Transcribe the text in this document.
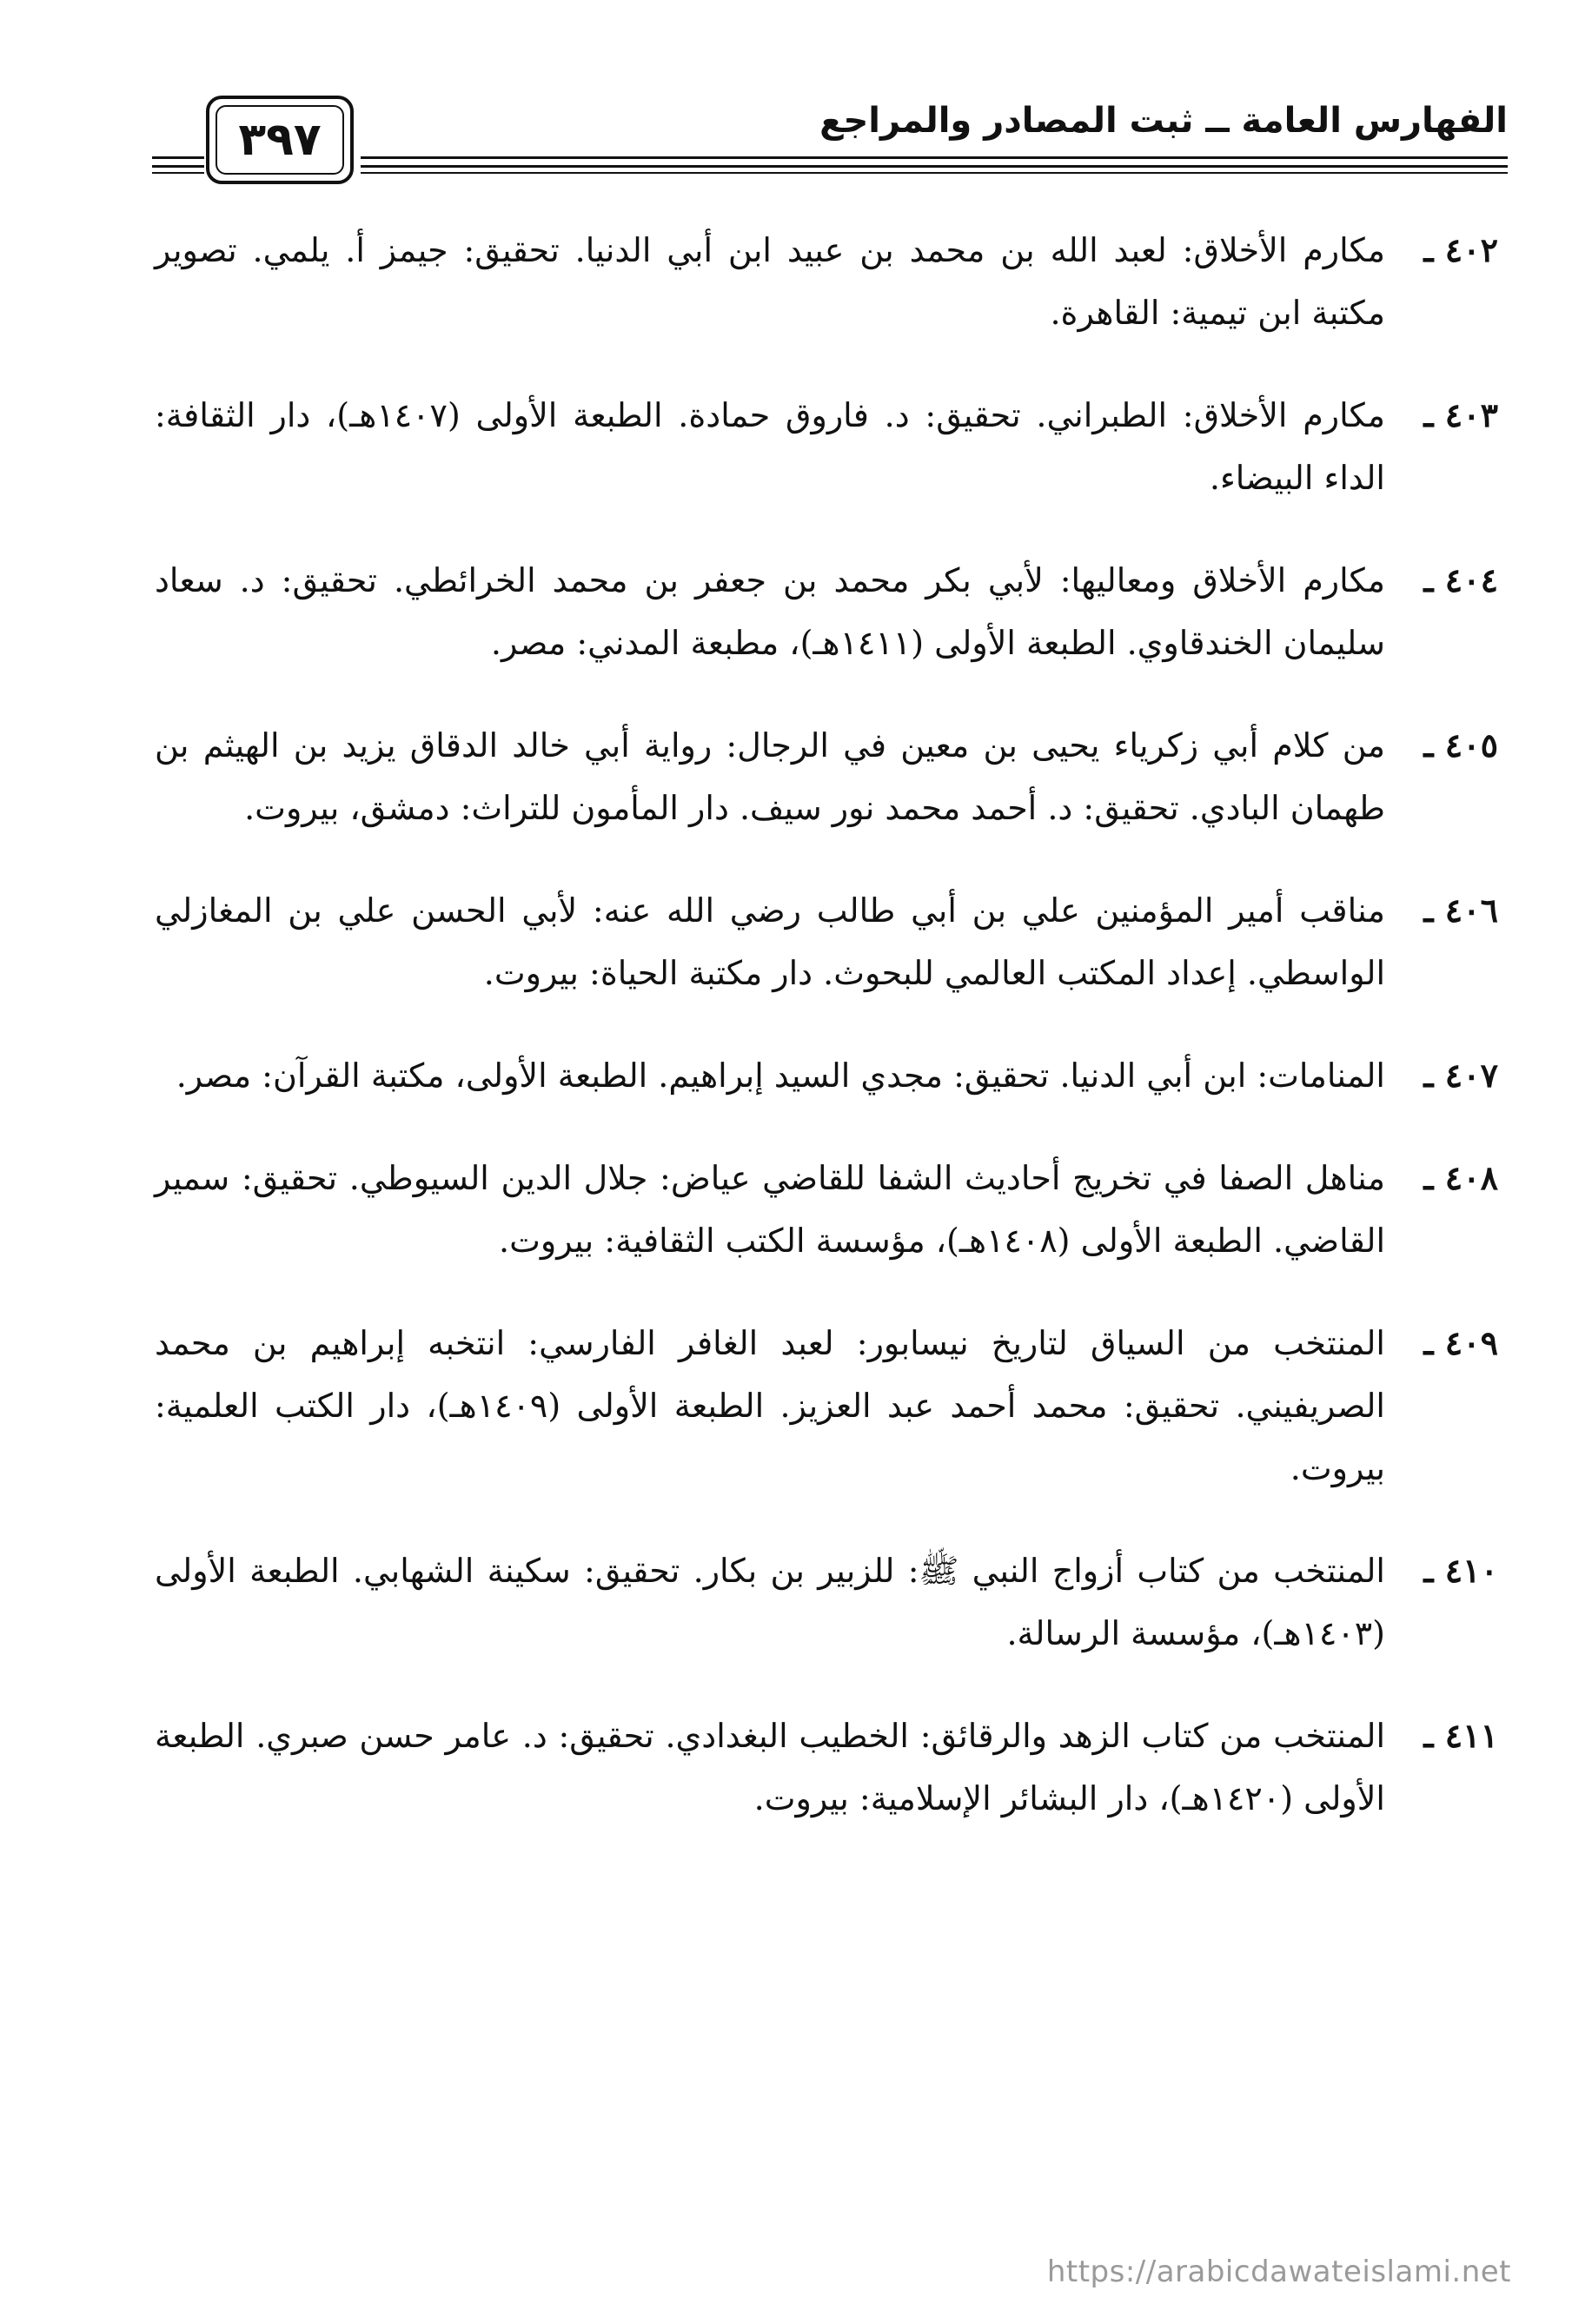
الفهارس العامة ــ ثبت المصادر والمراجع
٣٩٧
٤٠٢ ـ
مكارم الأخلاق: لعبد الله بن محمد بن عبيد ابن أبي الدنيا. تحقيق: جيمز أ. يلمي. تصوير مكتبة ابن تيمية: القاهرة.
٤٠٣ ـ
مكارم الأخلاق: الطبراني. تحقيق: د. فاروق حمادة. الطبعة الأولى (١٤٠٧هـ)، دار الثقافة: الداء البيضاء.
٤٠٤ ـ
مكارم الأخلاق ومعاليها: لأبي بكر محمد بن جعفر بن محمد الخرائطي. تحقيق: د. سعاد سليمان الخندقاوي. الطبعة الأولى (١٤١١هـ)، مطبعة المدني: مصر.
٤٠٥ ـ
من كلام أبي زكرياء يحيى بن معين في الرجال: رواية أبي خالد الدقاق يزيد بن الهيثم بن طهمان البادي. تحقيق: د. أحمد محمد نور سيف. دار المأمون للتراث: دمشق، بيروت.
٤٠٦ ـ
مناقب أمير المؤمنين علي بن أبي طالب رضي الله عنه: لأبي الحسن علي بن المغازلي الواسطي. إعداد المكتب العالمي للبحوث. دار مكتبة الحياة: بيروت.
٤٠٧ ـ
المنامات: ابن أبي الدنيا. تحقيق: مجدي السيد إبراهيم. الطبعة الأولى، مكتبة القرآن: مصر.
٤٠٨ ـ
مناهل الصفا في تخريج أحاديث الشفا للقاضي عياض: جلال الدين السيوطي. تحقيق: سمير القاضي. الطبعة الأولى (١٤٠٨هـ)، مؤسسة الكتب الثقافية: بيروت.
٤٠٩ ـ
المنتخب من السياق لتاريخ نيسابور: لعبد الغافر الفارسي: انتخبه إبراهيم بن محمد الصريفيني. تحقيق: محمد أحمد عبد العزيز. الطبعة الأولى (١٤٠٩هـ)، دار الكتب العلمية: بيروت.
٤١٠ ـ
المنتخب من كتاب أزواج النبي ﷺ: للزبير بن بكار. تحقيق: سكينة الشهابي. الطبعة الأولى (١٤٠٣هـ)، مؤسسة الرسالة.
٤١١ ـ
المنتخب من كتاب الزهد والرقائق: الخطيب البغدادي. تحقيق: د. عامر حسن صبري. الطبعة الأولى (١٤٢٠هـ)، دار البشائر الإسلامية: بيروت.
https://arabicdawateislami.net
